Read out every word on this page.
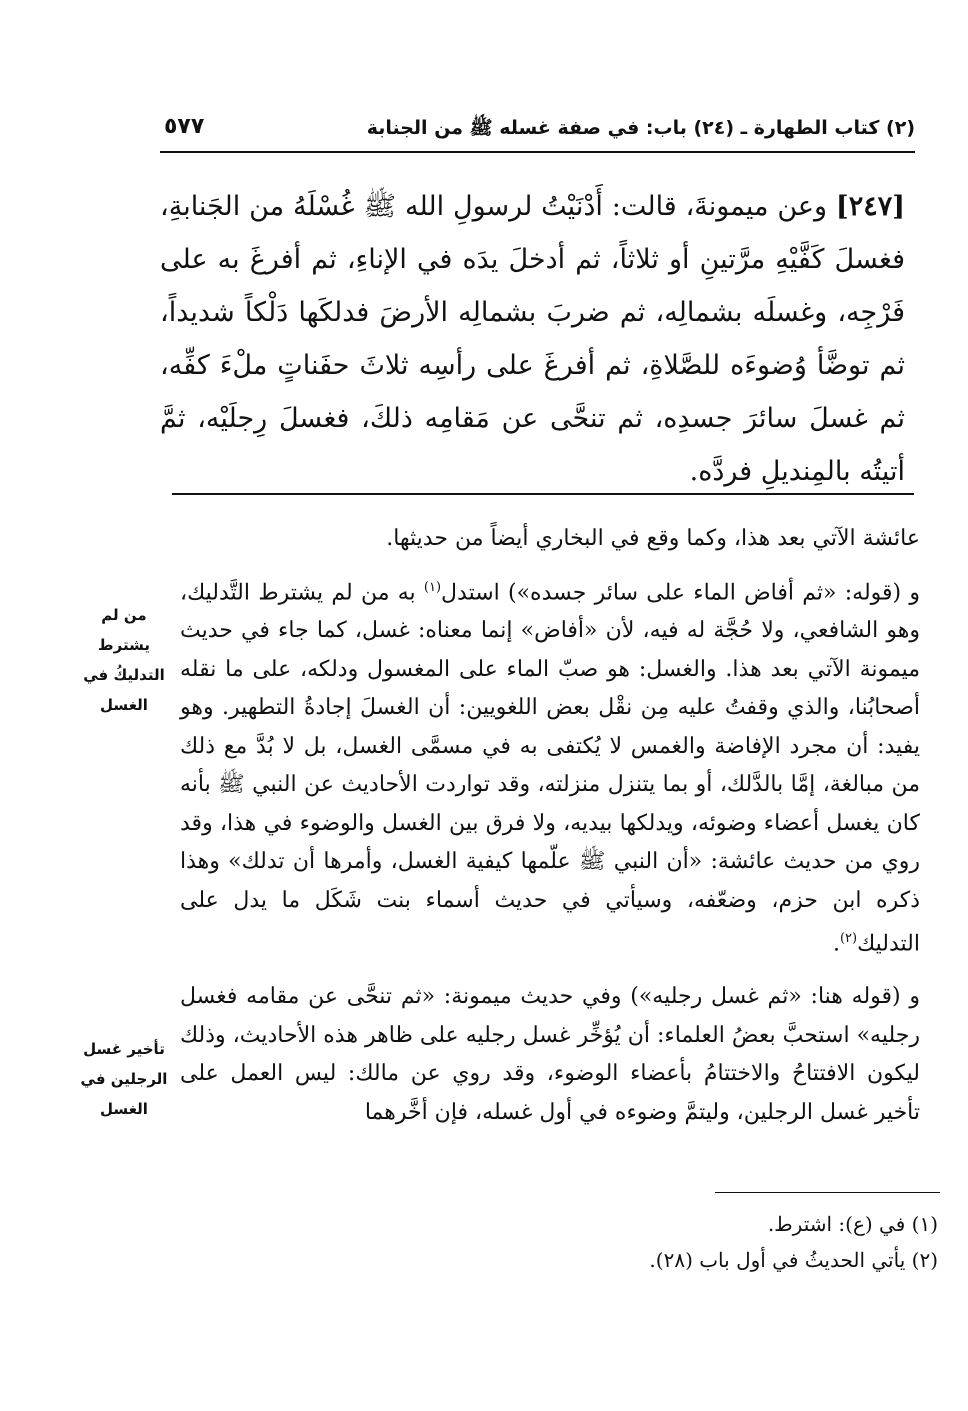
(٢) كتاب الطهارة ـ (٢٤) باب: في صفة غسله ﷺ من الجنابة
٥٧٧
[٢٤٧] وعن ميمونةَ، قالت: أَدْنَيْتُ لرسولِ الله ﷺ غُسْلَهُ من الجَنابةِ، فغسلَ كَفَّيْهِ مرَّتينِ أو ثلاثاً، ثم أدخلَ يدَه في الإناءِ، ثم أفرغَ به على فَرْجِه، وغسلَه بشمالِه، ثم ضربَ بشمالِه الأرضَ فدلكَها دَلْكاً شديداً، ثم توضَّأ وُضوءَه للصَّلاةِ، ثم أفرغَ على رأسِه ثلاثَ حفَناتٍ ملْءَ كفِّه، ثم غسلَ سائرَ جسدِه، ثم تنحَّى عن مَقامِه ذلكَ، فغسلَ رِجلَيْه، ثمَّ أتيتُه بالمِنديلِ فردَّه.

عائشة الآتي بعد هذا، وكما وقع في البخاري أيضاً من حديثها.

و (قوله: «ثم أفاض الماء على سائر جسده») استدل$^{(١)}$ به من لم يشترط التَّدليك، وهو الشافعي، ولا حُجَّة له فيه، لأن «أفاض» إنما معناه: غسل، كما جاء في حديث ميمونة الآتي بعد هذا. والغسل: هو صبّ الماء على المغسول ودلكه، على ما نقله أصحابُنا، والذي وقفتُ عليه مِن نقْل بعض اللغويين: أن الغسلَ إجادةُ التطهير. وهو يفيد: أن مجرد الإفاضة والغمس لا يُكتفى به في مسمَّى الغسل، بل لا بُدَّ مع ذلك من مبالغة، إمَّا بالدَّلك، أو بما يتنزل منزلته، وقد تواردت الأحاديث عن النبي ﷺ بأنه كان يغسل أعضاء وضوئه، ويدلكها بيديه، ولا فرق بين الغسل والوضوء في هذا، وقد روي من حديث عائشة: «أن النبي ﷺ علّمها كيفية الغسل، وأمرها أن تدلك» وهذا ذكره ابن حزم، وضعّفه، وسيأتي في حديث أسماء بنت شَكَل ما يدل على التدليك$^{(٢)}$.

و (قوله هنا: «ثم غسل رجليه») وفي حديث ميمونة: «ثم تنحَّى عن مقامه فغسل رجليه» استحبَّ بعضُ العلماء: أن يُؤخِّر غسل رجليه على ظاهر هذه الأحاديث، وذلك ليكون الافتتاحُ والاختتامُ بأعضاء الوضوء، وقد روي عن مالك: ليس العمل على تأخير غسل الرجلين، وليتمَّ وضوءه في أول غسله، فإن أخَّرهما

من لم يشترط التدليكُ في الغسل
تأخير غسل الرجلين في الغسل
(١) في (ع): اشترط.
(٢) يأتي الحديثُ في أول باب (٢٨).
